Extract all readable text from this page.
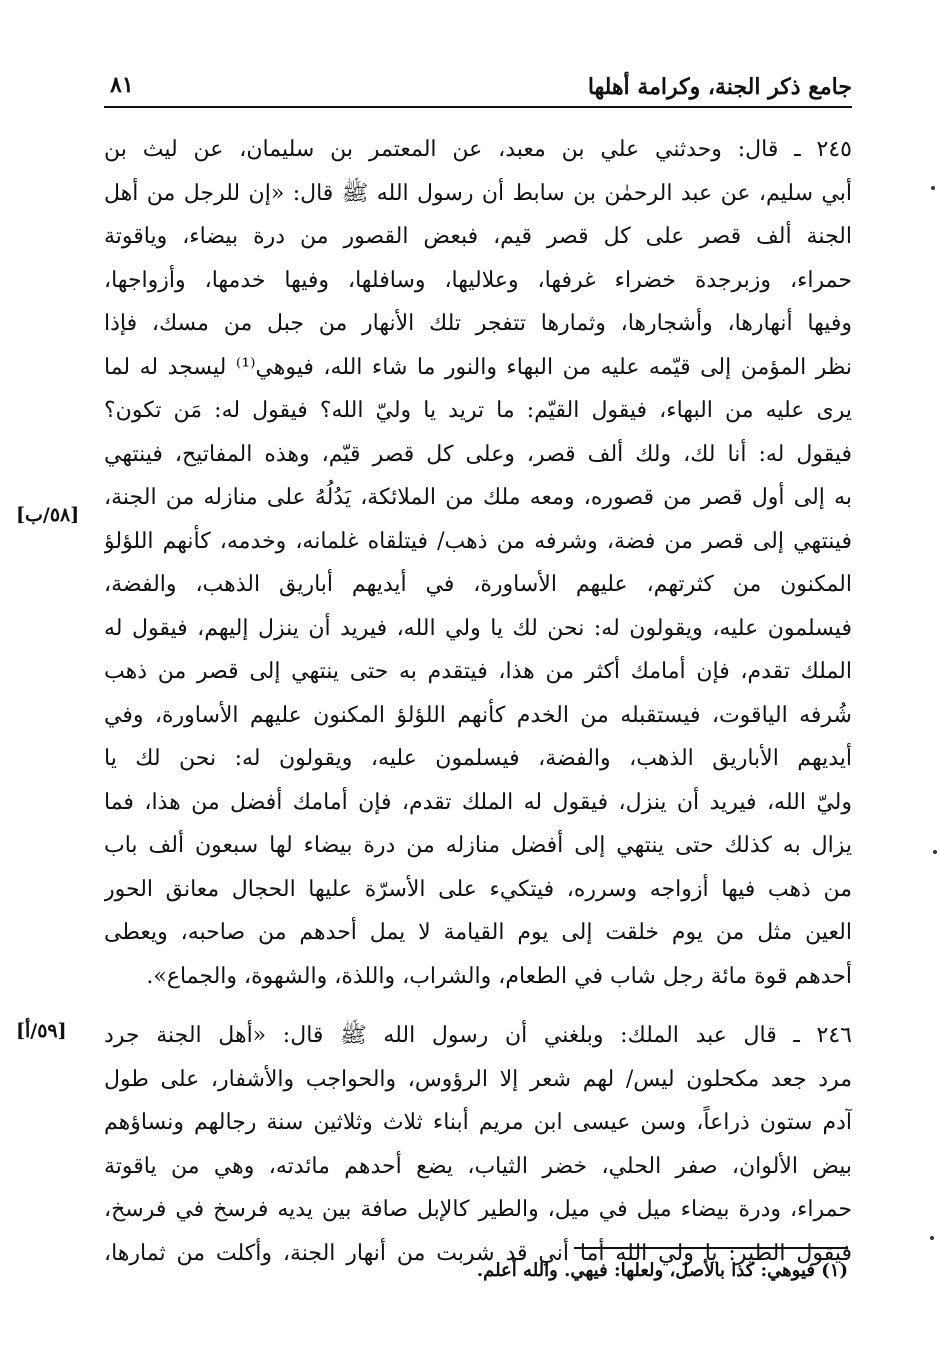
جامع ذكر الجنة، وكرامة أهلها
٨١
٢٤٥ ـ قال: وحدثني علي بن معبد، عن المعتمر بن سليمان، عن ليث بن
أبي سليم، عن عبد الرحمٰن بن سابط أن رسول الله ﷺ قال: «إن للرجل من أهل
الجنة ألف قصر على كل قصر قيم، فبعض القصور من درة بيضاء، وياقوتة
حمراء، وزبرجدة خضراء غرفها، وعلاليها، وسافلها، وفيها خدمها، وأزواجها،
وفيها أنهارها، وأشجارها، وثمارها تتفجر تلك الأنهار من جبل من مسك، فإذا
نظر المؤمن إلى قيّمه عليه من البهاء والنور ما شاء الله، فيوهي⁽¹⁾ ليسجد له لما
يرى عليه من البهاء، فيقول القيّم: ما تريد يا وليّ الله؟ فيقول له: مَن تكون؟
فيقول له: أنا لك، ولك ألف قصر، وعلى كل قصر قيّم، وهذه المفاتيح، فينتهي
به إلى أول قصر من قصوره، ومعه ملك من الملائكة، يَدُلُهُ على منازله من الجنة،
فينتهي إلى قصر من فضة، وشرفه من ذهب/ فيتلقاه غلمانه، وخدمه، كأنهم اللؤلؤ
المكنون من كثرتهم، عليهم الأساورة، في أيديهم أباريق الذهب، والفضة،
فيسلمون عليه، ويقولون له: نحن لك يا ولي الله، فيريد أن ينزل إليهم، فيقول له
الملك تقدم، فإن أمامك أكثر من هذا، فيتقدم به حتى ينتهي إلى قصر من ذهب
شُرفه الياقوت، فيستقبله من الخدم كأنهم اللؤلؤ المكنون عليهم الأساورة، وفي
أيديهم الأباريق الذهب، والفضة، فيسلمون عليه، ويقولون له: نحن لك يا
وليّ الله، فيريد أن ينزل، فيقول له الملك تقدم، فإن أمامك أفضل من هذا، فما
يزال به كذلك حتى ينتهي إلى أفضل منازله من درة بيضاء لها سبعون ألف باب
من ذهب فيها أزواجه وسرره، فيتكيء على الأسرّة عليها الحجال معانق الحور
العين مثل من يوم خلقت إلى يوم القيامة لا يمل أحدهم من صاحبه، ويعطى
أحدهم قوة مائة رجل شاب في الطعام، والشراب، واللذة، والشهوة، والجماع».
٢٤٦ ـ قال عبد الملك: وبلغني أن رسول الله ﷺ قال: «أهل الجنة جرد
مرد جعد مكحلون ليس/ لهم شعر إلا الرؤوس، والحواجب والأشفار، على طول
آدم ستون ذراعاً، وسن عيسى ابن مريم أبناء ثلاث وثلاثين سنة رجالهم ونساؤهم
بيض الألوان، صفر الحلي، خضر الثياب، يضع أحدهم مائدته، وهي من ياقوتة
حمراء، ودرة بيضاء ميل في ميل، والطير كالإبل صافة بين يديه فرسخ في فرسخ،
فيقول الطير: يا ولي الله أما أني قد شربت من أنهار الجنة، وأكلت من ثمارها،
[٥٨/ب]
[٥٩/أ]
(١) فيوهي: كذا بالأصل، ولعلها: فيهي. والله أعلم.
